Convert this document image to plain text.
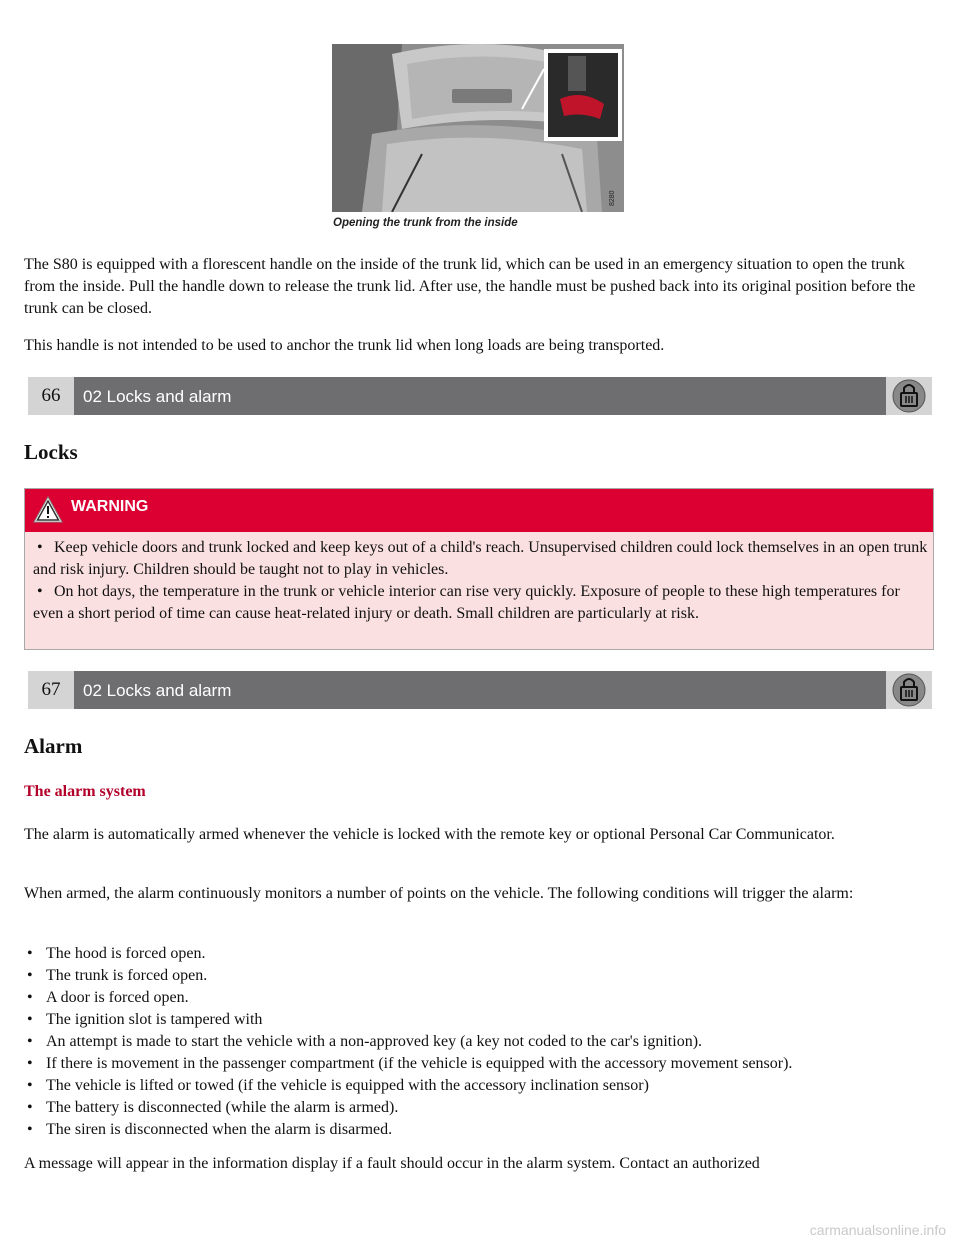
8280
Opening the trunk from the inside

The S80 is equipped with a florescent handle on the inside of the trunk lid, which can be used in an emergency situation to open the trunk from the inside. Pull the handle down to release the trunk lid. After use, the handle must be pushed back into its original position before the trunk can be closed.

This handle is not intended to be used to anchor the trunk lid when long loads are being transported.

66	02 Locks and alarm
Locks
WARNING
• Keep vehicle doors and trunk locked and keep keys out of a child's reach. Unsupervised children could lock themselves in an open trunk and risk injury. Children should be taught not to play in vehicles.
• On hot days, the temperature in the trunk or vehicle interior can rise very quickly. Exposure of people to these high temperatures for even a short period of time can cause heat-related injury or death. Small children are particularly at risk.
67	02 Locks and alarm
Alarm
The alarm system

The alarm is automatically armed whenever the vehicle is locked with the remote key or optional Personal Car Communicator.

When armed, the alarm continuously monitors a number of points on the vehicle. The following conditions will trigger the alarm:

• The hood is forced open.
• The trunk is forced open.
• A door is forced open.
• The ignition slot is tampered with
• An attempt is made to start the vehicle with a non-approved key (a key not coded to the car's ignition).
• If there is movement in the passenger compartment (if the vehicle is equipped with the accessory movement sensor).
• The vehicle is lifted or towed (if the vehicle is equipped with the accessory inclination sensor)
• The battery is disconnected (while the alarm is armed).
• The siren is disconnected when the alarm is disarmed.

A message will appear in the information display if a fault should occur in the alarm system. Contact an authorized

carmanualsonline.info
